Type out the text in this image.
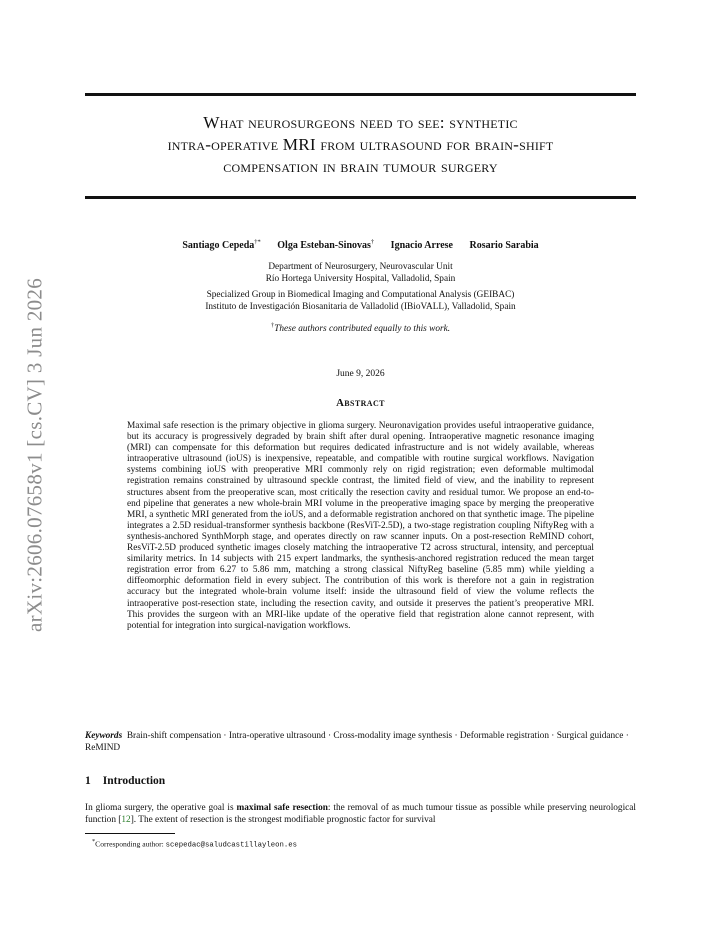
arXiv:2606.07658v1 [cs.CV] 3 Jun 2026
What neurosurgeons need to see: synthetic
intra-operative MRI from ultrasound for brain-shift
compensation in brain tumour surgery
Santiago Cepeda†* Olga Esteban-Sinovas† Ignacio Arrese Rosario Sarabia
Department of Neurosurgery, Neurovascular Unit
Río Hortega University Hospital, Valladolid, Spain
Specialized Group in Biomedical Imaging and Computational Analysis (GEIBAC)
Instituto de Investigación Biosanitaria de Valladolid (IBioVALL), Valladolid, Spain
†These authors contributed equally to this work.
June 9, 2026
Abstract

Maximal safe resection is the primary objective in glioma surgery. Neuronavigation provides useful intraoperative guidance, but its accuracy is progressively degraded by brain shift after dural opening. Intraoperative magnetic resonance imaging (MRI) can compensate for this deformation but requires dedicated infrastructure and is not widely available, whereas intraoperative ultrasound (ioUS) is inexpensive, repeatable, and compatible with routine surgical workflows. Navigation systems combining ioUS with preoperative MRI commonly rely on rigid registration; even deformable multimodal registration remains constrained by ultrasound speckle contrast, the limited field of view, and the inability to represent structures absent from the preoperative scan, most critically the resection cavity and residual tumor. We propose an end-to-end pipeline that generates a new whole-brain MRI volume in the preoperative imaging space by merging the preoperative MRI, a synthetic MRI generated from the ioUS, and a deformable registration anchored on that synthetic image. The pipeline integrates a 2.5D residual-transformer synthesis backbone (ResViT-2.5D), a two-stage registration coupling NiftyReg with a synthesis-anchored SynthMorph stage, and operates directly on raw scanner inputs. On a post-resection ReMIND cohort, ResViT-2.5D produced synthetic images closely matching the intraoperative T2 across structural, intensity, and perceptual similarity metrics. In 14 subjects with 215 expert landmarks, the synthesis-anchored registration reduced the mean target registration error from 6.27 to 5.86 mm, matching a strong classical NiftyReg baseline (5.85 mm) while yielding a diffeomorphic deformation field in every subject. The contribution of this work is therefore not a gain in registration accuracy but the integrated whole-brain volume itself: inside the ultrasound field of view the volume reflects the intraoperative post-resection state, including the resection cavity, and outside it preserves the patient’s preoperative MRI. This provides the surgeon with an MRI-like update of the operative field that registration alone cannot represent, with potential for integration into surgical-navigation workflows.

Keywords Brain-shift compensation · Intra-operative ultrasound · Cross-modality image synthesis · Deformable registration · Surgical guidance · ReMIND

1 Introduction

In glioma surgery, the operative goal is maximal safe resection: the removal of as much tumour tissue as possible while preserving neurological function [12]. The extent of resection is the strongest modifiable prognostic factor for survival

*Corresponding author: scepedac@saludcastillayleon.es
